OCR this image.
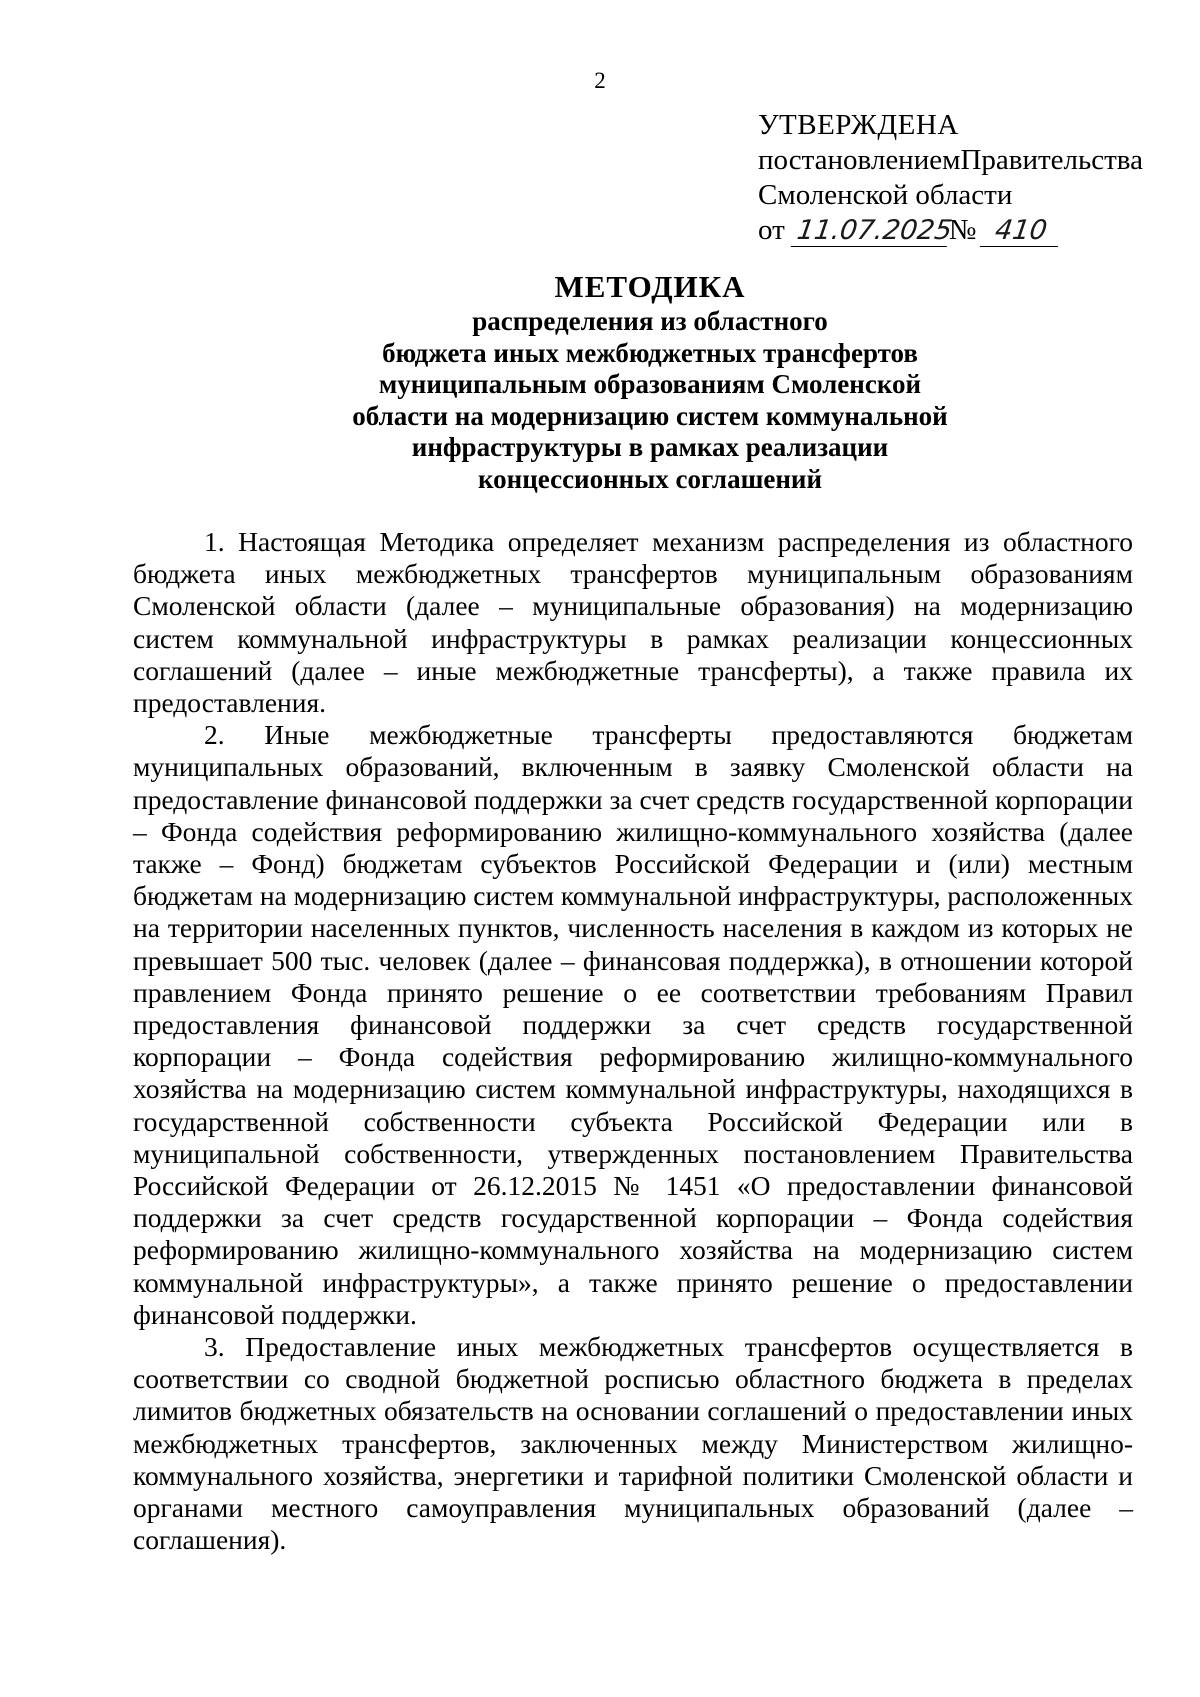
2
УТВЕРЖДЕНА
постановлением Правительства
Смоленской области
от 11.07.2025
№ 410
МЕТОДИКА
распределения из областного
бюджета иных межбюджетных трансфертов
муниципальным образованиям Смоленской
области на модернизацию систем коммунальной
инфраструктуры в рамках реализации
концессионных соглашений

1. Настоящая Методика определяет механизм распределения из областного бюджета иных межбюджетных трансфертов муниципальным образованиям Смоленской области (далее – муниципальные образования) на модернизацию систем коммунальной инфраструктуры в рамках реализации концессионных соглашений (далее – иные межбюджетные трансферты), а также правила их предоставления.

2. Иные межбюджетные трансферты предоставляются бюджетам муниципальных образований, включенным в заявку Смоленской области на предоставление финансовой поддержки за счет средств государственной корпорации – Фонда содействия реформированию жилищно-коммунального хозяйства (далее также – Фонд) бюджетам субъектов Российской Федерации и (или) местным бюджетам на модернизацию систем коммунальной инфраструктуры, расположенных на территории населенных пунктов, численность населения в каждом из которых не превышает 500 тыс. человек (далее – финансовая поддержка), в отношении которой правлением Фонда принято решение о ее соответствии требованиям Правил предоставления финансовой поддержки за счет средств государственной корпорации – Фонда содействия реформированию жилищно-коммунального хозяйства на модернизацию систем коммунальной инфраструктуры, находящихся в государственной собственности субъекта Российской Федерации или в муниципальной собственности, утвержденных постановлением Правительства Российской Федерации от 26.12.2015 № 1451 «О предоставлении финансовой поддержки за счет средств государственной корпорации – Фонда содействия реформированию жилищно-коммунального хозяйства на модернизацию систем коммунальной инфраструктуры», а также принято решение о предоставлении финансовой поддержки.

3. Предоставление иных межбюджетных трансфертов осуществляется в соответствии со сводной бюджетной росписью областного бюджета в пределах лимитов бюджетных обязательств на основании соглашений о предоставлении иных межбюджетных трансфертов, заключенных между Министерством жилищно-коммунального хозяйства, энергетики и тарифной политики Смоленской области и органами местного самоуправления муниципальных образований (далее – соглашения).
